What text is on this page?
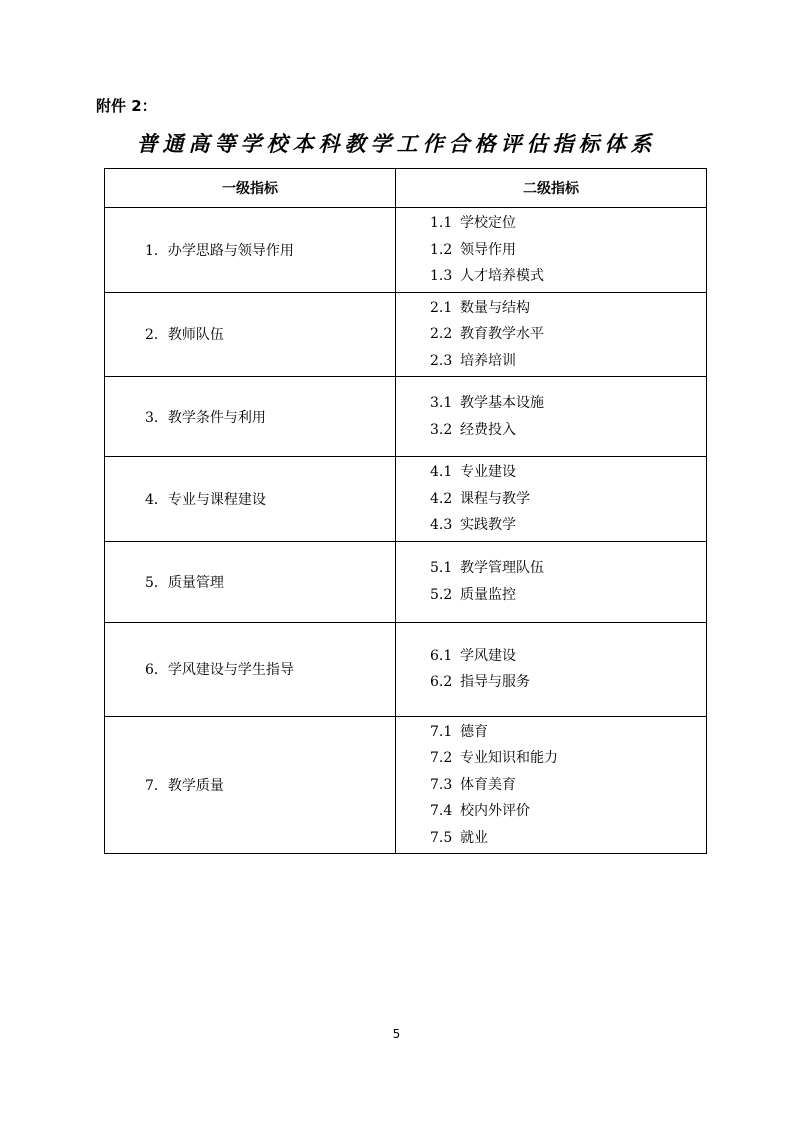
附件 2：
普通高等学校本科教学工作合格评估指标体系
一级指标	二级指标
1．办学思路与领导作用	1.1 学校定位
1.2 领导作用
1.3 人才培养模式

2．教师队伍	2.1 数量与结构
2.2 教育教学水平
2.3 培养培训

3．教学条件与利用	3.1 教学基本设施
3.2 经费投入

4．专业与课程建设	4.1 专业建设
4.2 课程与教学
4.3 实践教学

5．质量管理	5.1 教学管理队伍
5.2 质量监控

6．学风建设与学生指导	6.1 学风建设
6.2 指导与服务

7．教学质量	7.1 德育
7.2 专业知识和能力
7.3 体育美育
7.4 校内外评价
7.5 就业
5
